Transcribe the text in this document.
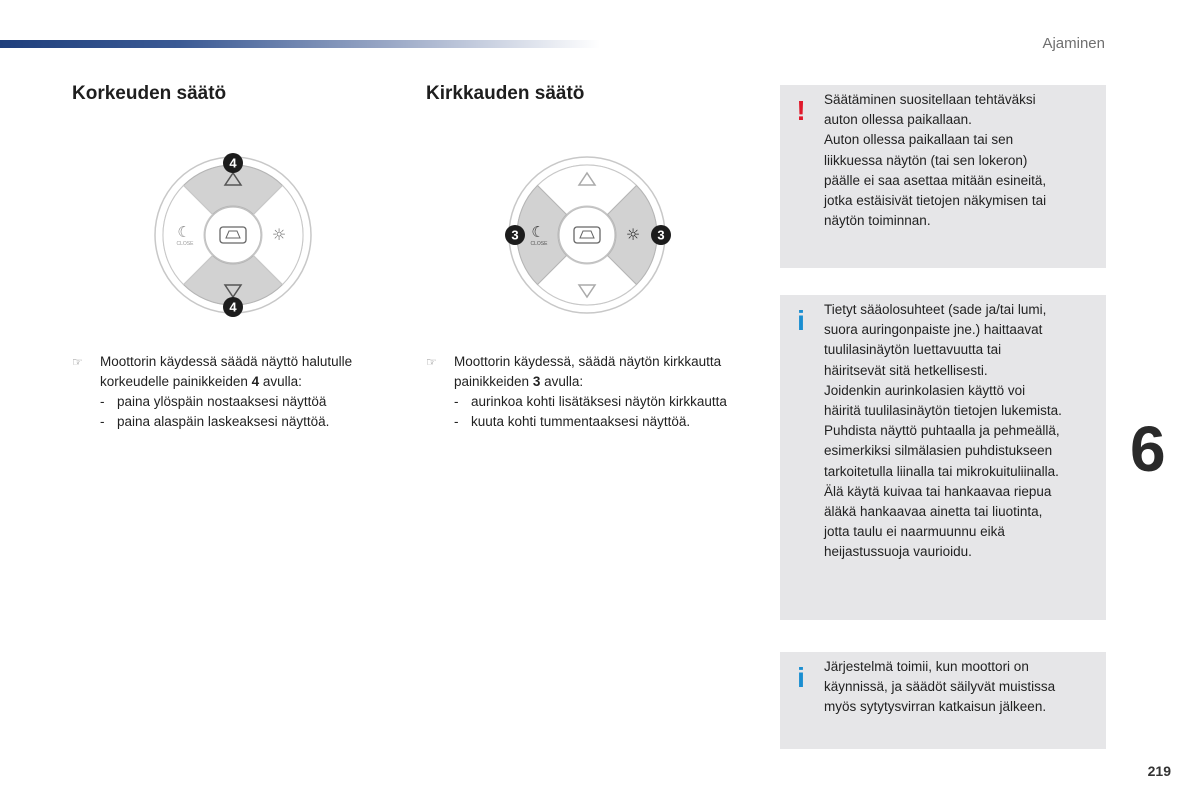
Ajaminen
Korkeuden säätö
☾
CLOSE	☼
4
4
☞	Moottorin käydessä säädä näyttö halutulle korkeudelle painikkeiden 4 avulla:
- paina ylöspäin nostaaksesi näyttöä
- paina alaspäin laskeaksesi näyttöä.
Kirkkauden säätö
☾
CLOSE	☼
3	3
☞	Moottorin käydessä, säädä näytön kirkkautta painikkeiden 3 avulla:
- aurinkoa kohti lisätäksesi näytön kirkkautta
- kuuta kohti tummentaaksesi näyttöä.
! Säätäminen suositellaan tehtäväksi
auton ollessa paikallaan.
Auton ollessa paikallaan tai sen
liikkuessa näytön (tai sen lokeron)
päälle ei saa asettaa mitään esineitä,
jotka estäisivät tietojen näkymisen tai
näytön toiminnan.
i Tietyt sääolosuhteet (sade ja/tai lumi,
suora auringonpaiste jne.) haittaavat
tuulilasinäytön luettavuutta tai
häiritsevät sitä hetkellisesti.
Joidenkin aurinkolasien käyttö voi
häiritä tuulilasinäytön tietojen lukemista.
Puhdista näyttö puhtaalla ja pehmeällä,
esimerkiksi silmälasien puhdistukseen
tarkoitetulla liinalla tai mikrokuituliinalla.
Älä käytä kuivaa tai hankaavaa riepua
äläkä hankaavaa ainetta tai liuotinta,
jotta taulu ei naarmuunnu eikä
heijastussuoja vaurioidu.
i Järjestelmä toimii, kun moottori on
käynnissä, ja säädöt säilyvät muistissa
myös sytytysvirran katkaisun jälkeen.
6
219
